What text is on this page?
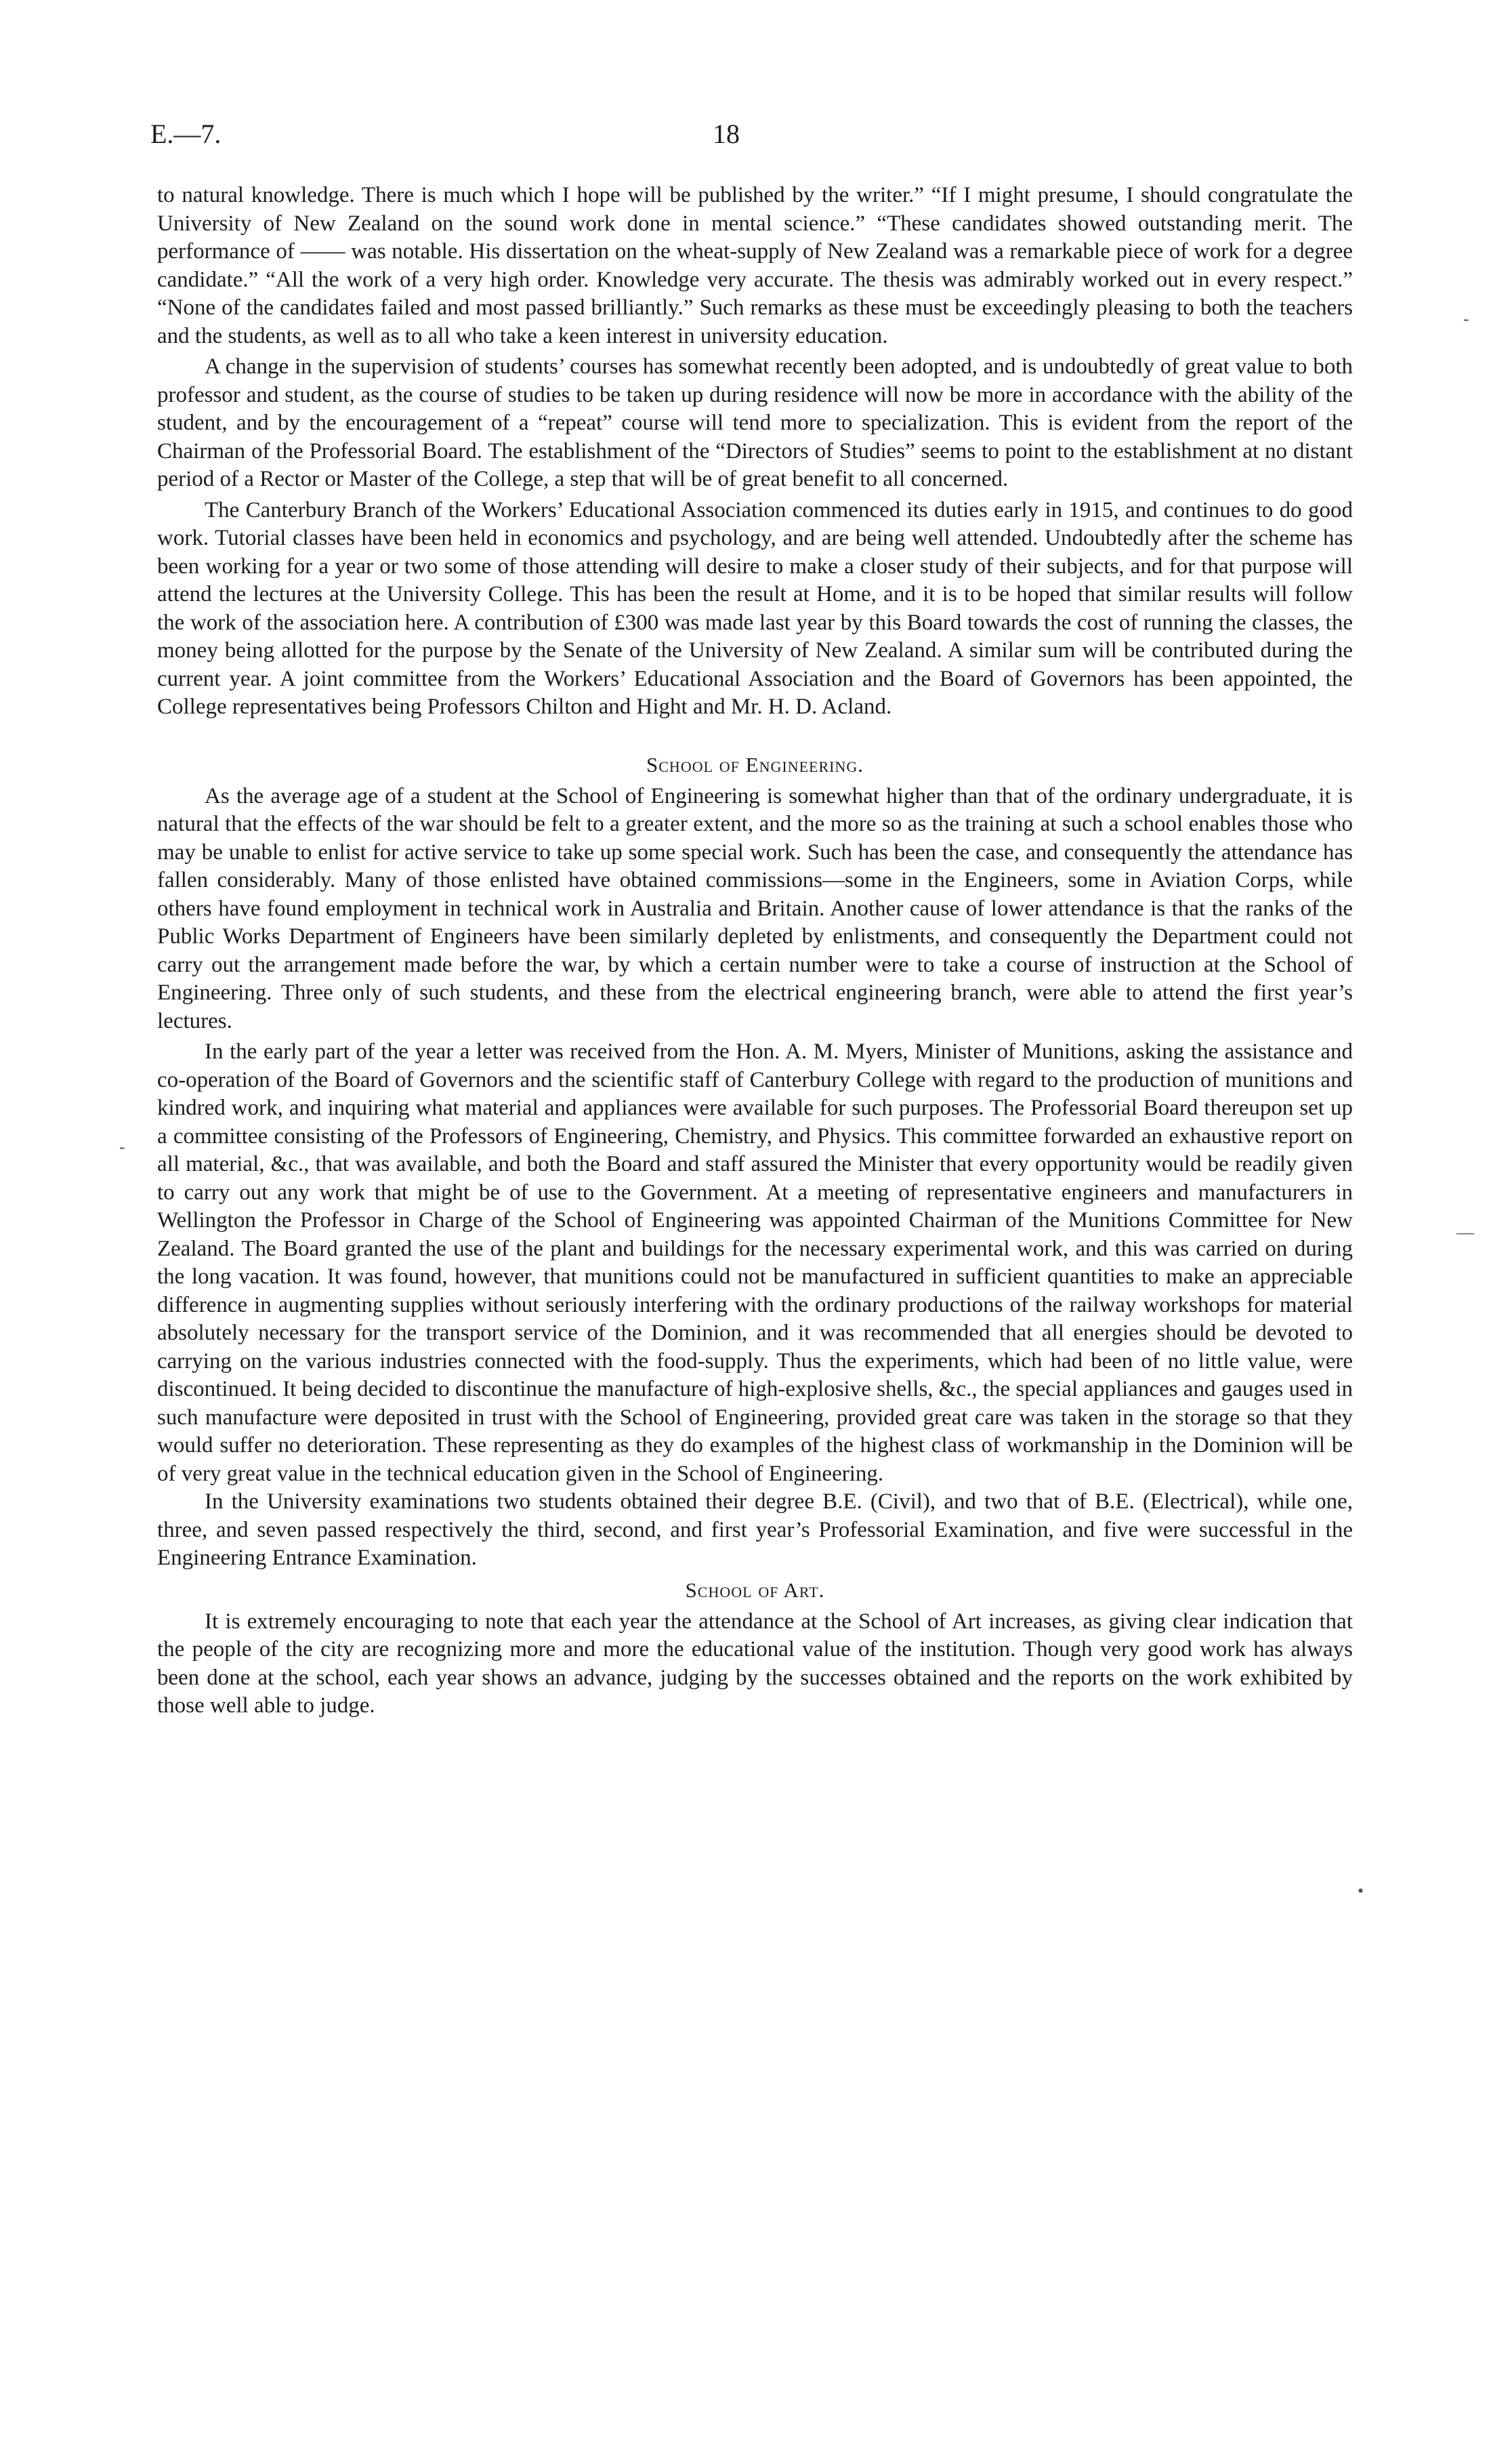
E.—7.	18

to natural knowledge. There is much which I hope will be published by the writer.” “If I might presume, I should congratulate the University of New Zealand on the sound work done in mental science.” “These candidates showed outstanding merit. The performance of —— was notable. His dissertation on the wheat-supply of New Zealand was a remarkable piece of work for a degree candidate.” “All the work of a very high order. Knowledge very accurate. The thesis was admirably worked out in every respect.” “None of the candidates failed and most passed brilliantly.” Such remarks as these must be exceedingly pleasing to both the teachers and the students, as well as to all who take a keen interest in university education.

A change in the supervision of students’ courses has somewhat recently been adopted, and is undoubtedly of great value to both professor and student, as the course of studies to be taken up during residence will now be more in accordance with the ability of the student, and by the encouragement of a “repeat” course will tend more to specialization. This is evident from the report of the Chairman of the Professorial Board. The establishment of the “Directors of Studies” seems to point to the establishment at no distant period of a Rector or Master of the College, a step that will be of great benefit to all concerned.

The Canterbury Branch of the Workers’ Educational Association commenced its duties early in 1915, and continues to do good work. Tutorial classes have been held in economics and psychology, and are being well attended. Undoubtedly after the scheme has been working for a year or two some of those attending will desire to make a closer study of their subjects, and for that purpose will attend the lectures at the University College. This has been the result at Home, and it is to be hoped that similar results will follow the work of the association here. A contribution of £300 was made last year by this Board towards the cost of running the classes, the money being allotted for the purpose by the Senate of the University of New Zealand. A similar sum will be contributed during the current year. A joint committee from the Workers’ Educational Association and the Board of Governors has been appointed, the College representatives being Professors Chilton and Hight and Mr. H. D. Acland.

School of Engineering.

As the average age of a student at the School of Engineering is somewhat higher than that of the ordinary undergraduate, it is natural that the effects of the war should be felt to a greater extent, and the more so as the training at such a school enables those who may be unable to enlist for active service to take up some special work. Such has been the case, and consequently the attendance has fallen considerably. Many of those enlisted have obtained commissions—some in the Engineers, some in Aviation Corps, while others have found employment in technical work in Australia and Britain. Another cause of lower attendance is that the ranks of the Public Works Department of Engineers have been similarly depleted by enlistments, and consequently the Department could not carry out the arrangement made before the war, by which a certain number were to take a course of instruction at the School of Engineering. Three only of such students, and these from the electrical engineering branch, were able to attend the first year’s lectures.

In the early part of the year a letter was received from the Hon. A. M. Myers, Minister of Munitions, asking the assistance and co-operation of the Board of Governors and the scientific staff of Canterbury College with regard to the production of munitions and kindred work, and inquiring what material and appliances were available for such purposes. The Professorial Board thereupon set up a committee consisting of the Professors of Engineering, Chemistry, and Physics. This committee forwarded an exhaustive report on all material, &c., that was available, and both the Board and staff assured the Minister that every opportunity would be readily given to carry out any work that might be of use to the Government. At a meeting of representative engineers and manufacturers in Wellington the Professor in Charge of the School of Engineering was appointed Chairman of the Munitions Committee for New Zealand. The Board granted the use of the plant and buildings for the necessary experimental work, and this was carried on during the long vacation. It was found, however, that munitions could not be manufactured in sufficient quantities to make an appreciable difference in augmenting supplies without seriously interfering with the ordinary productions of the railway workshops for material absolutely necessary for the transport service of the Dominion, and it was recommended that all energies should be devoted to carrying on the various industries connected with the food-supply. Thus the experiments, which had been of no little value, were discontinued. It being decided to discontinue the manufacture of high-explosive shells, &c., the special appliances and gauges used in such manufacture were deposited in trust with the School of Engineering, provided great care was taken in the storage so that they would suffer no deterioration. These representing as they do examples of the highest class of workmanship in the Dominion will be of very great value in the technical education given in the School of Engineering.

In the University examinations two students obtained their degree B.E. (Civil), and two that of B.E. (Electrical), while one, three, and seven passed respectively the third, second, and first year’s Professorial Examination, and five were successful in the Engineering Entrance Examination.

School of Art.

It is extremely encouraging to note that each year the attendance at the School of Art increases, as giving clear indication that the people of the city are recognizing more and more the educational value of the institution. Though very good work has always been done at the school, each year shows an advance, judging by the successes obtained and the reports on the work exhibited by those well able to judge.

-
-
•
—
